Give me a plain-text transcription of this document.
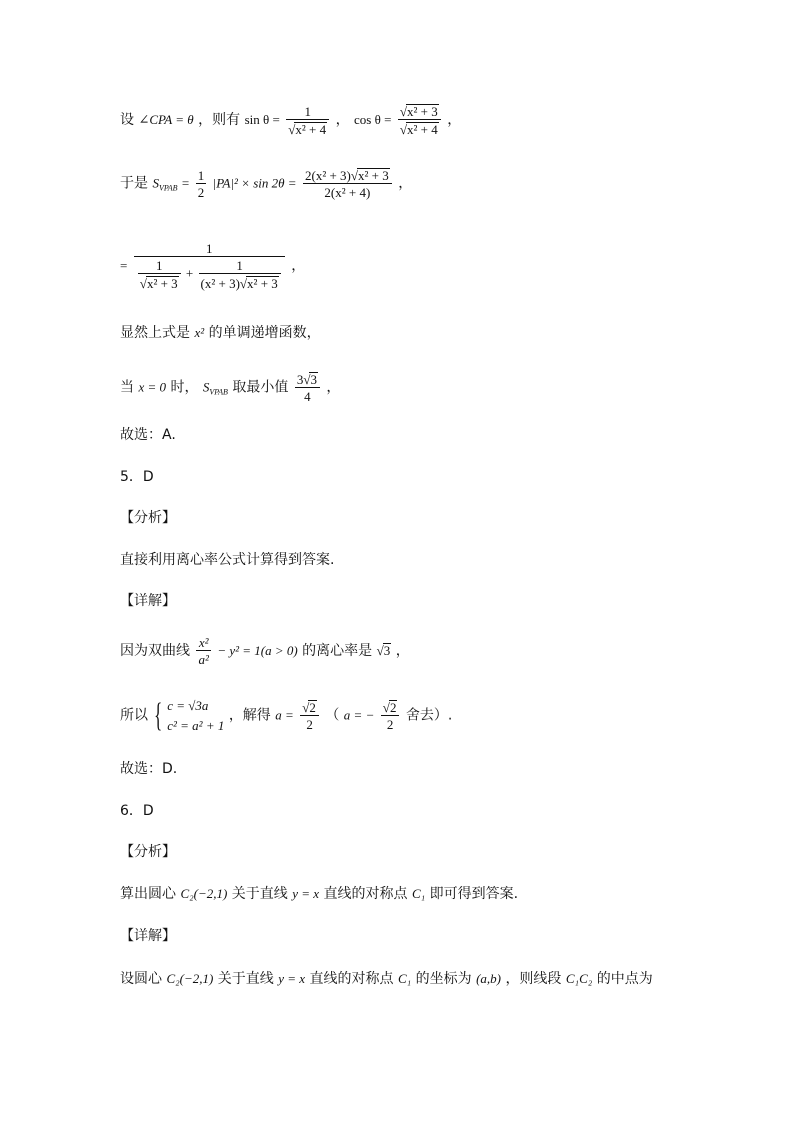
设 ∠CPA = θ ，则有 $\sin \theta = \frac{1}{\text{√x² + 4}}$ ， $\cos \theta = \frac{\text{√x² + 3}}{\text{√x² + 4}}$ ，
于是 $S_{VPAB} = \frac{1}{2} |PA|^2 \times \sin 2\theta = \frac{\text{2(x² + 3)√x² + 3}}{\text{2(x² + 4)}}$ ，
=
1
$\frac{1}{\text{√x² + 3}} + \frac{1}{\text{(x² + 3)√x² + 3}}$ ，
显然上式是 x² 的单调递增函数，
当 x = 0 时， $S_{VPAB}$ 取最小值 $\frac{3√3}{4}$ ，
故选：A.
5．D
【分析】
直接利用离心率公式计算得到答案.
【详解】
因为双曲线 $\frac{\text{x²}}{\text{a²}} - y^2 = 1(a > 0)$ 的离心率是 √3 ，
所以 { c = √3a
c² = a² + 1
，解得 $a = \frac{√2}{2}$ （ a = − $\frac{√2}{2}$ 舍去）.
故选：D.
6．D
【分析】
算出圆心 C₂(−2,1) 关于直线 y = x 直线的对称点 C₁ 即可得到答案.
【详解】
设圆心 C₂(−2,1) 关于直线 y = x 直线的对称点 C₁ 的坐标为 (a,b) ，则线段 C₁C₂ 的中点为
